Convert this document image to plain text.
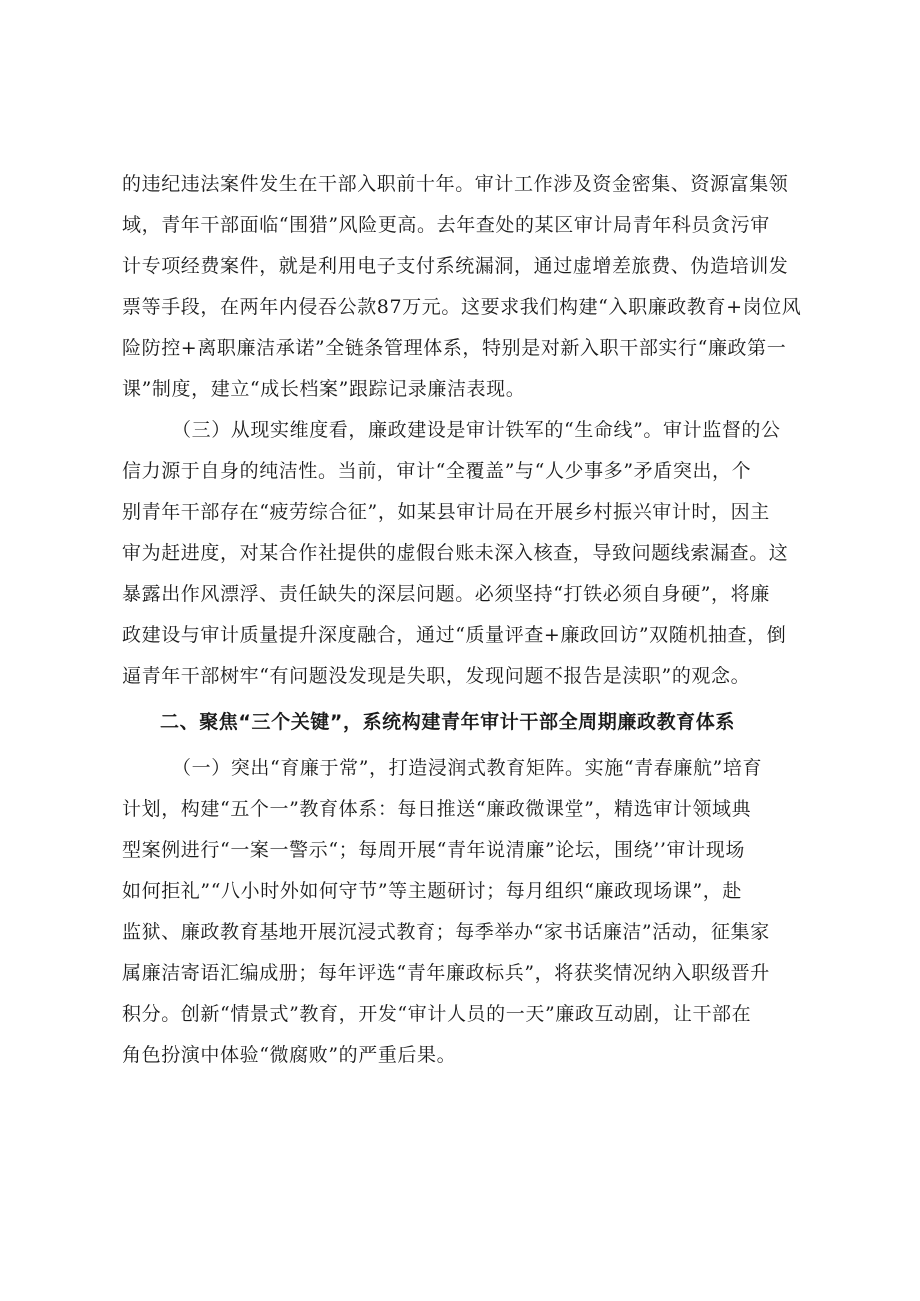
的违纪违法案件发生在干部入职前十年。审计工作涉及资金密集、资源富集领
域，青年干部面临“围猎”风险更高。去年查处的某区审计局青年科员贪污审
计专项经费案件，就是利用电子支付系统漏洞，通过虚增差旅费、伪造培训发
票等手段，在两年内侵吞公款87万元。这要求我们构建“入职廉政教育+岗位风
险防控+离职廉洁承诺”全链条管理体系，特别是对新入职干部实行“廉政第一
课”制度，建立“成长档案”跟踪记录廉洁表现。
（三）从现实维度看，廉政建设是审计铁军的“生命线”。审计监督的公
信力源于自身的纯洁性。当前，审计“全覆盖”与“人少事多”矛盾突出，个
别青年干部存在“疲劳综合征”，如某县审计局在开展乡村振兴审计时，因主
审为赶进度，对某合作社提供的虚假台账未深入核查，导致问题线索漏查。这
暴露出作风漂浮、责任缺失的深层问题。必须坚持“打铁必须自身硬”，将廉
政建设与审计质量提升深度融合，通过“质量评查+廉政回访”双随机抽查，倒
逼青年干部树牢“有问题没发现是失职，发现问题不报告是渎职”的观念。
二、聚焦“三个关键”，系统构建青年审计干部全周期廉政教育体系
（一）突出“育廉于常”，打造浸润式教育矩阵。实施“青春廉航”培育
计划，构建“五个一”教育体系：每日推送“廉政微课堂”，精选审计领域典
型案例进行“一案一警示“；每周开展“青年说清廉”论坛，围绕’’审计现场
如何拒礼”“八小时外如何守节”等主题研讨；每月组织“廉政现场课”，赴
监狱、廉政教育基地开展沉浸式教育；每季举办“家书话廉洁”活动，征集家
属廉洁寄语汇编成册；每年评选“青年廉政标兵”，将获奖情况纳入职级晋升
积分。创新“情景式”教育，开发“审计人员的一天”廉政互动剧，让干部在
角色扮演中体验“微腐败”的严重后果。
